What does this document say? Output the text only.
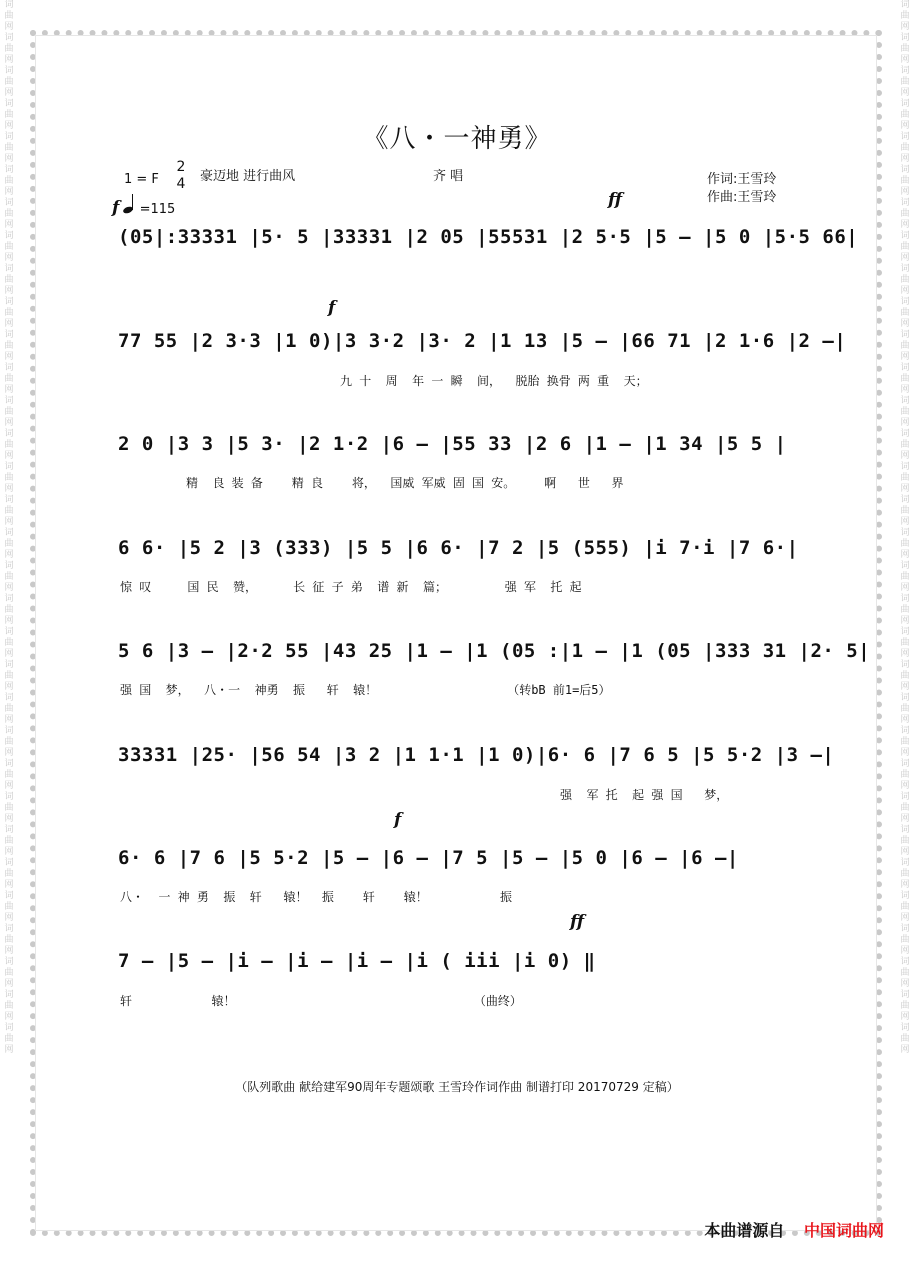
词曲网词曲网词曲网词曲网词曲网词曲网词曲网词曲网词曲网词曲网词曲网词曲网词曲网词曲网词曲网词曲网词曲网词曲网词曲网词曲网词曲网词曲网词曲网词曲网词曲网词曲网词曲网词曲网词曲网词曲网词曲网词曲网
词曲网词曲网词曲网词曲网词曲网词曲网词曲网词曲网词曲网词曲网词曲网词曲网词曲网词曲网词曲网词曲网词曲网词曲网词曲网词曲网词曲网词曲网词曲网词曲网词曲网词曲网词曲网词曲网词曲网词曲网词曲网词曲网
《八・一神勇》
1 = F
2
4 豪迈地 进行曲风	齐 唱	作词:王雪玲
作曲:王雪玲
f =115	ff
f
f
ff
(05|:33331 |5· 5 |33331 |2 05 |55531 |2 5·5 |5 – |5 0 |5·5 66|
77 55 |2 3·3 |1 0)|3 3·2 |3· 2 |1 13 |5 – |66 71 |2 1·6 |2 –|
九 十  周  年 一 瞬  间，  脱胎 换骨 两 重  天；
2 0 |3 3 |5 3· |2 1·2 |6 – |55 33 |2 6 |1 – |1 34 |5 5 |
精  良 装 备    精 良    将，  国威 军威 固 国 安。    啊   世   界
6 6· |5 2 |3 (333) |5 5 |6 6· |7 2 |5 (555) |i 7·i |7 6·|
惊 叹     国 民  赞，     长 征 子 弟  谱 新  篇；        强 军  托 起
5 6 |3 – |2·2 55 |43 25 |1 – |1 (05 :|1 – |1 (05 |333 31 |2· 5|
强 国  梦，  八・一  神勇  振   轩  辕！                  （转bB 前1=后5）
33331 |25· |56 54 |3 2 |1 1·1 |1 0)|6· 6 |7 6 5 |5 5·2 |3 –|
强  军 托  起 强 国   梦，
6· 6 |7 6 |5 5·2 |5 – |6 – |7 5 |5 – |5 0 |6 – |6 –|
八・  一 神 勇  振  轩   辕！  振    轩    辕！          振
7 – |5 – |i – |i – |i – |i ( iii |i 0) ‖
轩           辕！                                 （曲终）
（队列歌曲 献给建军90周年专题颂歌 王雪玲作词作曲 制谱打印 20170729 定稿）
本曲谱源自 中国词曲网
